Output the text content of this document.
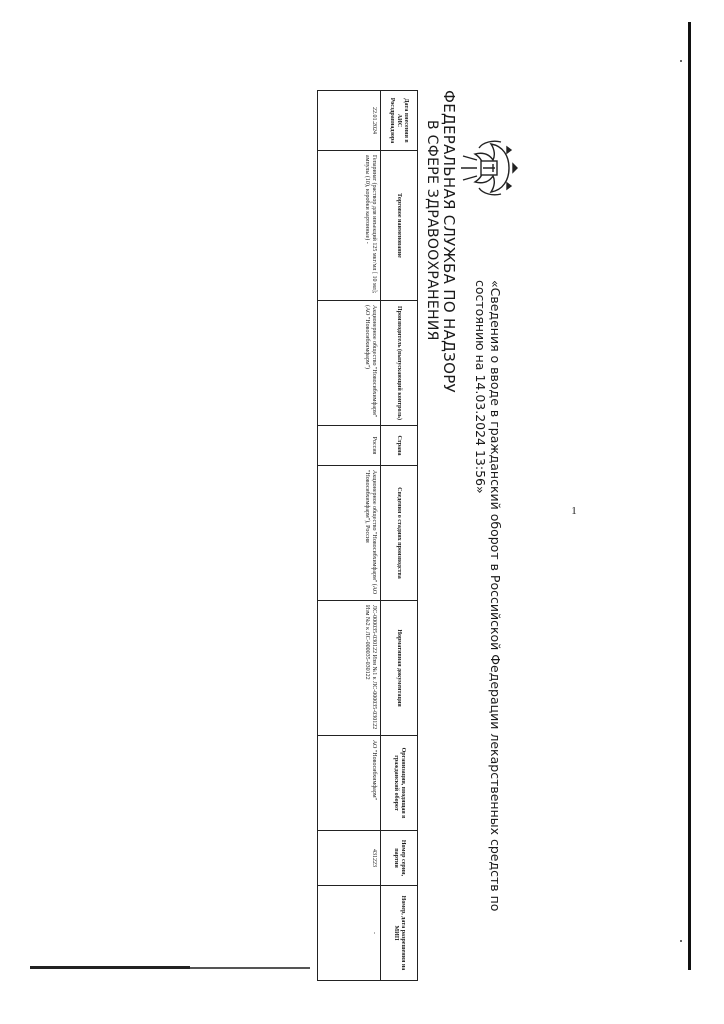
ФЕДЕРАЛЬНАЯ СЛУЖБА ПО НАДЗОРУ
В СФЕРЕ ЗДРАВООХРАНЕНИЯ
«Сведения о вводе в гражданский оборот в Российской Федерации лекарственных средств по состоянию на 14.03.2024 13:56»
Дата внесения в АИС Росздравнадзора	Торговое наименование	Производитель (выпускающий контроль)	Страна	Сведения о стадиях производства	Нормативная документация	Организация, вводящая в гражданский оборот	Номер серии, партии	Номер, дата разрешения на МИП
22.01.2024	Гепаринат (раствор для инъекций 125 мкг/мл [ 10 мл]; ампулы (10), коробки картонные) -	Акционерное общество "Новосибхимфарм" (АО "Новосибхимфарм")	Россия	Акционерное общество "Новосибхимфарм" (АО "Новосибхимфарм"), Россия	ЛС-000035-030122 Изм №1 к ЛС-000035-030122 Изм №2 к ЛС-000035-030122	АО "Новосибхимфарм"	431223	-
1
